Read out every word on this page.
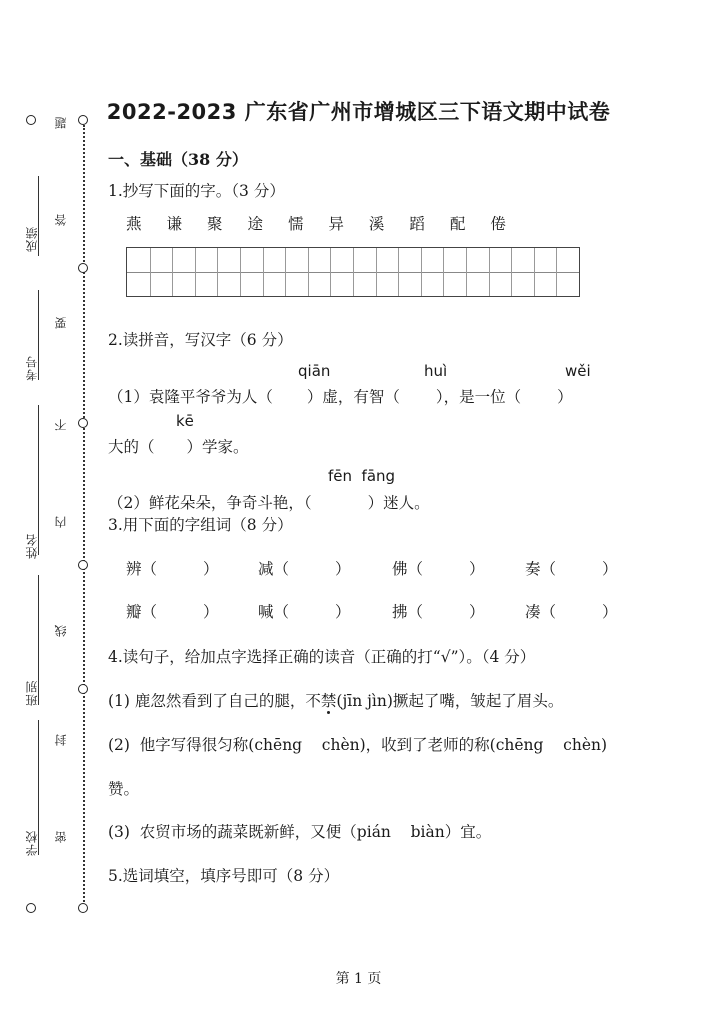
成绩
考号
姓名
班别
学校
题
答
要
不
内
线
封
密
2022-2023 广东省广州市增城区三下语文期中试卷
一、基础（38 分）
1.抄写下面的字。（3 分）
燕 谦 聚 途 懦 异 溪 蹈 配 倦
2.读拼音，写汉字（6 分）
qiān	huì	wěi
（1）袁隆平爷爷为人（ ）虚，有智（ ），是一位（ ）
kē
大的（ ）学家。
fēn  fāng
（2）鲜花朵朵，争奇斗艳，（	）迷人。
3.用下面的字组词（8 分）
辨（	）	减（	）	佛（	）	奏（	）
瓣（	）	喊（	）	拂（	）	凑（	）
4.读句子，给加点字选择正确的读音（正确的打“√”）。（4 分）
(1) 鹿忽然看到了自己的腿，不禁(jīn jìn)撅起了嘴，皱起了眉头。
(2)  他字写得很匀称(chēng    chèn)，收到了老师的称(chēng    chèn)
赞。
(3)  农贸市场的蔬菜既新鲜，又便（pián    biàn）宜。
5.选词填空，填序号即可（8 分）
第 1 页
